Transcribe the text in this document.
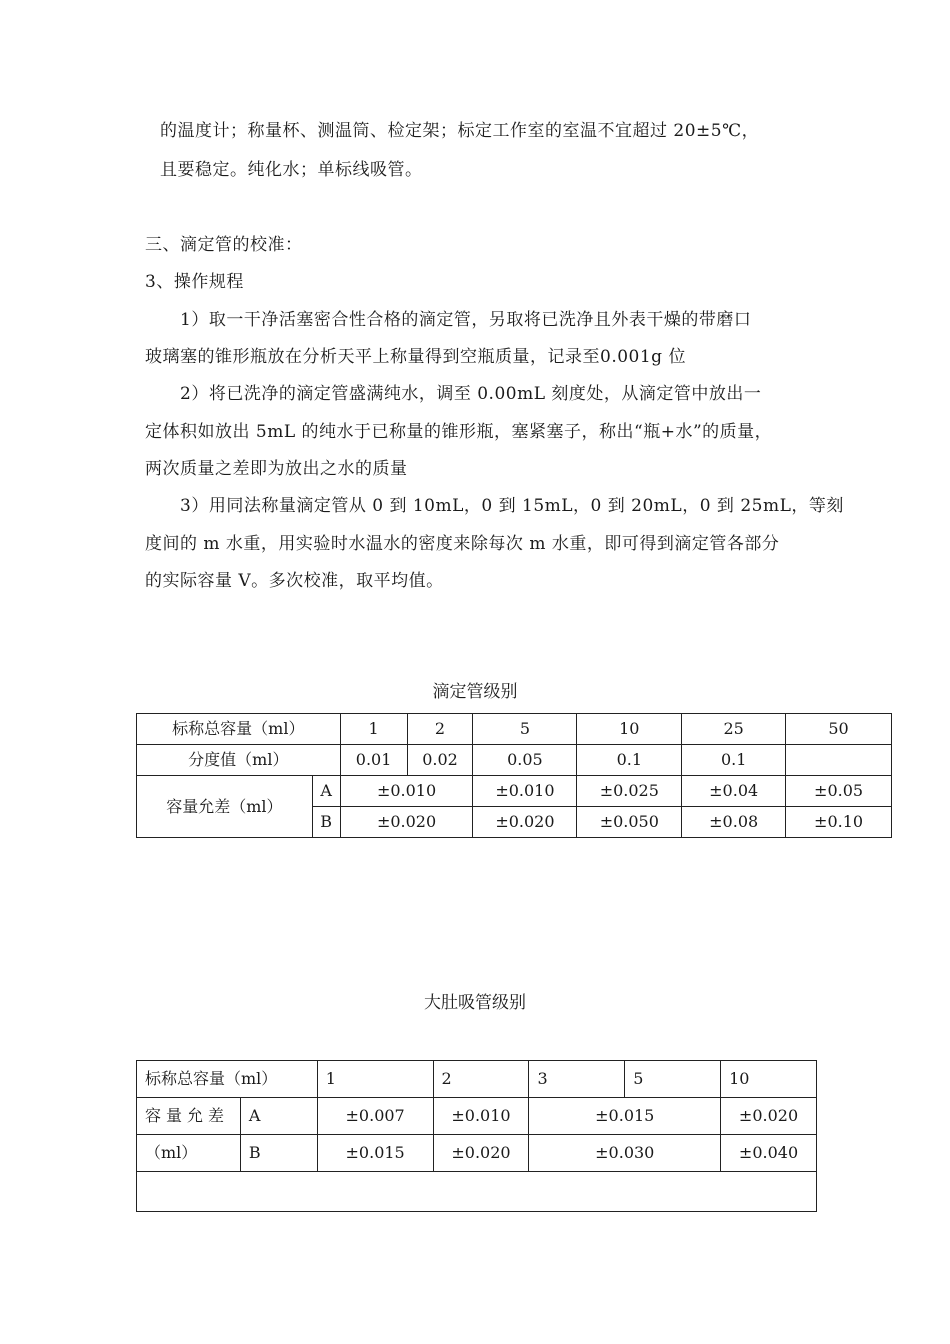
的温度计；称量杯、测温筒、检定架；标定工作室的室温不宜超过 20±5℃，
且要稳定。纯化水；单标线吸管。
三、滴定管的校准：
3、操作规程
1）取一干净活塞密合性合格的滴定管，另取将已洗净且外表干燥的带磨口
玻璃塞的锥形瓶放在分析天平上称量得到空瓶质量，记录至0.001g 位
2）将已洗净的滴定管盛满纯水，调至 0.00mL 刻度处，从滴定管中放出一
定体积如放出 5mL 的纯水于已称量的锥形瓶，塞紧塞子，称出“瓶+水”的质量，
两次质量之差即为放出之水的质量
3）用同法称量滴定管从 0 到 10mL，0 到 15mL，0 到 20mL，0 到 25mL，等刻
度间的 m 水重，用实验时水温水的密度来除每次 m 水重，即可得到滴定管各部分
的实际容量 V。多次校准，取平均值。
滴定管级别
标称总容量（ml）		1	2	5	10	25	50
分度值（ml）		0.01	0.02	0.05	0.1	0.1	
容量允差（ml）	A	±0.010		±0.010	±0.025	±0.04	±0.05
	B	±0.020		±0.020	±0.050	±0.08	±0.10
大肚吸管级别
标称总容量（ml）		1	2	3	5	10
容量允差	A	±0.007	±0.010	±0.015		±0.020
（ml）	B	±0.015	±0.020	±0.030		±0.040
